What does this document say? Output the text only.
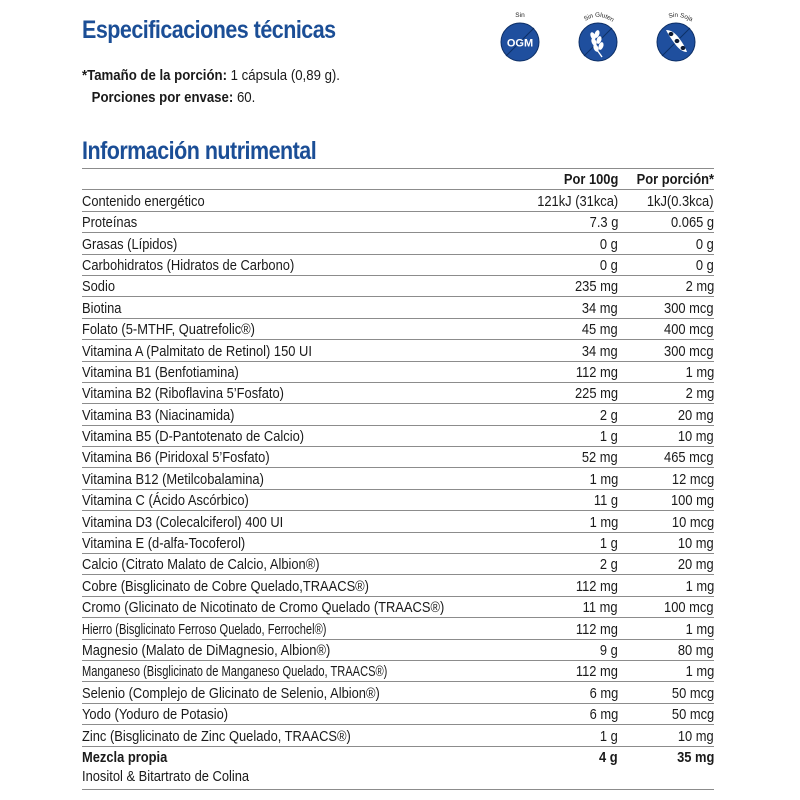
Especificaciones técnicas
*Tamaño de la porción: 1 cápsula (0,89 g).
Porciones por envase: 60.
Sin
OGM
Sin Gluten	Sin Soja
Información nutrimental
	Por 100g	Por porción*
Contenido energético	121kJ (31kca)	1kJ(0.3kca)
Proteínas	7.3 g	0.065 g
Grasas (Lípidos)	0 g	0 g
Carbohidratos (Hidratos de Carbono)	0 g	0 g
Sodio	235 mg	2 mg
Biotina	34 mg	300 mcg
Folato (5-MTHF, Quatrefolic®)	45 mg	400 mcg
Vitamina A (Palmitato de Retinol) 150 UI	34 mg	300 mcg
Vitamina B1 (Benfotiamina)	112 mg	1 mg
Vitamina B2 (Riboflavina 5’Fosfato)	225 mg	2 mg
Vitamina B3 (Niacinamida)	2 g	20 mg
Vitamina B5 (D-Pantotenato de Calcio)	1 g	10 mg
Vitamina B6 (Piridoxal 5’Fosfato)	52 mg	465 mcg
Vitamina B12 (Metilcobalamina)	1 mg	12 mcg
Vitamina C (Ácido Ascórbico)	11 g	100 mg
Vitamina D3 (Colecalciferol) 400 UI	1 mg	10 mcg
Vitamina E (d-alfa-Tocoferol)	1 g	10 mg
Calcio (Citrato Malato de Calcio, Albion®)	2 g	20 mg
Cobre (Bisglicinato de Cobre Quelado,TRAACS®)	112 mg	1 mg
Cromo (Glicinato de Nicotinato de Cromo Quelado (TRAACS®)	11 mg	100 mcg
Hierro (Bisglicinato Ferroso Quelado, Ferrochel®)	112 mg	1 mg
Magnesio (Malato de DiMagnesio, Albion®)	9 g	80 mg
Manganeso (Bisglicinato de Manganeso Quelado, TRAACS®)	112 mg	1 mg
Selenio (Complejo de Glicinato de Selenio, Albion®)	6 mg	50 mcg
Yodo (Yoduro de Potasio)	6 mg	50 mcg
Zinc (Bisglicinato de Zinc Quelado, TRAACS®)	1 g	10 mg
Mezcla propia	4 g	35 mg
Inositol & Bitartrato de Colina		
